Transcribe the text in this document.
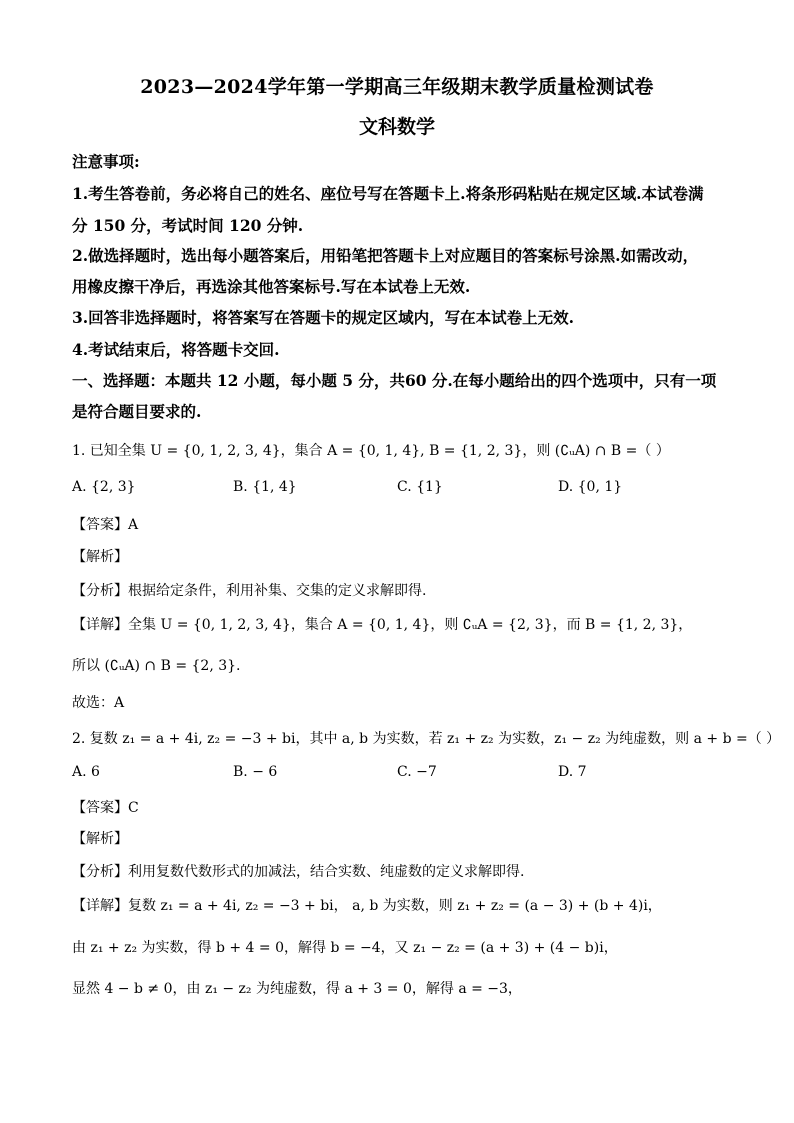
2023—2024学年第一学期高三年级期末教学质量检测试卷
文科数学
注意事项:
1.考生答卷前，务必将自己的姓名、座位号写在答题卡上.将条形码粘贴在规定区域.本试卷满
分 150 分，考试时间 120 分钟.
2.做选择题时，选出每小题答案后，用铅笔把答题卡上对应题目的答案标号涂黑.如需改动，
用橡皮擦干净后，再选涂其他答案标号.写在本试卷上无效.
3.回答非选择题时，将答案写在答题卡的规定区域内，写在本试卷上无效.
4.考试结束后，将答题卡交回.
一、选择题：本题共 12 小题，每小题 5 分，共60 分.在每小题给出的四个选项中，只有一项
是符合题目要求的.
1. 已知全集 U = {0, 1, 2, 3, 4}，集合 A = {0, 1, 4}, B = {1, 2, 3}，则 (∁ᵤA) ∩ B =（ ）
A. {2, 3}	B. {1, 4}	C. {1}	D. {0, 1}
【答案】A
【解析】
【分析】根据给定条件，利用补集、交集的定义求解即得.
【详解】全集 U = {0, 1, 2, 3, 4}，集合 A = {0, 1, 4}，则 ∁ᵤA = {2, 3}，而 B = {1, 2, 3}，
所以 (∁ᵤA) ∩ B = {2, 3}.
故选：A
2. 复数 z₁ = a + 4i, z₂ = −3 + bi，其中 a, b 为实数，若 z₁ + z₂ 为实数，z₁ − z₂ 为纯虚数，则 a + b =（ ）
A. 6	B. − 6	C. −7	D. 7
【答案】C
【解析】
【分析】利用复数代数形式的加减法，结合实数、纯虚数的定义求解即得.
【详解】复数 z₁ = a + 4i, z₂ = −3 + bi， a, b 为实数，则 z₁ + z₂ = (a − 3) + (b + 4)i，
由 z₁ + z₂ 为实数，得 b + 4 = 0，解得 b = −4，又 z₁ − z₂ = (a + 3) + (4 − b)i，
显然 4 − b ≠ 0，由 z₁ − z₂ 为纯虚数，得 a + 3 = 0，解得 a = −3，
